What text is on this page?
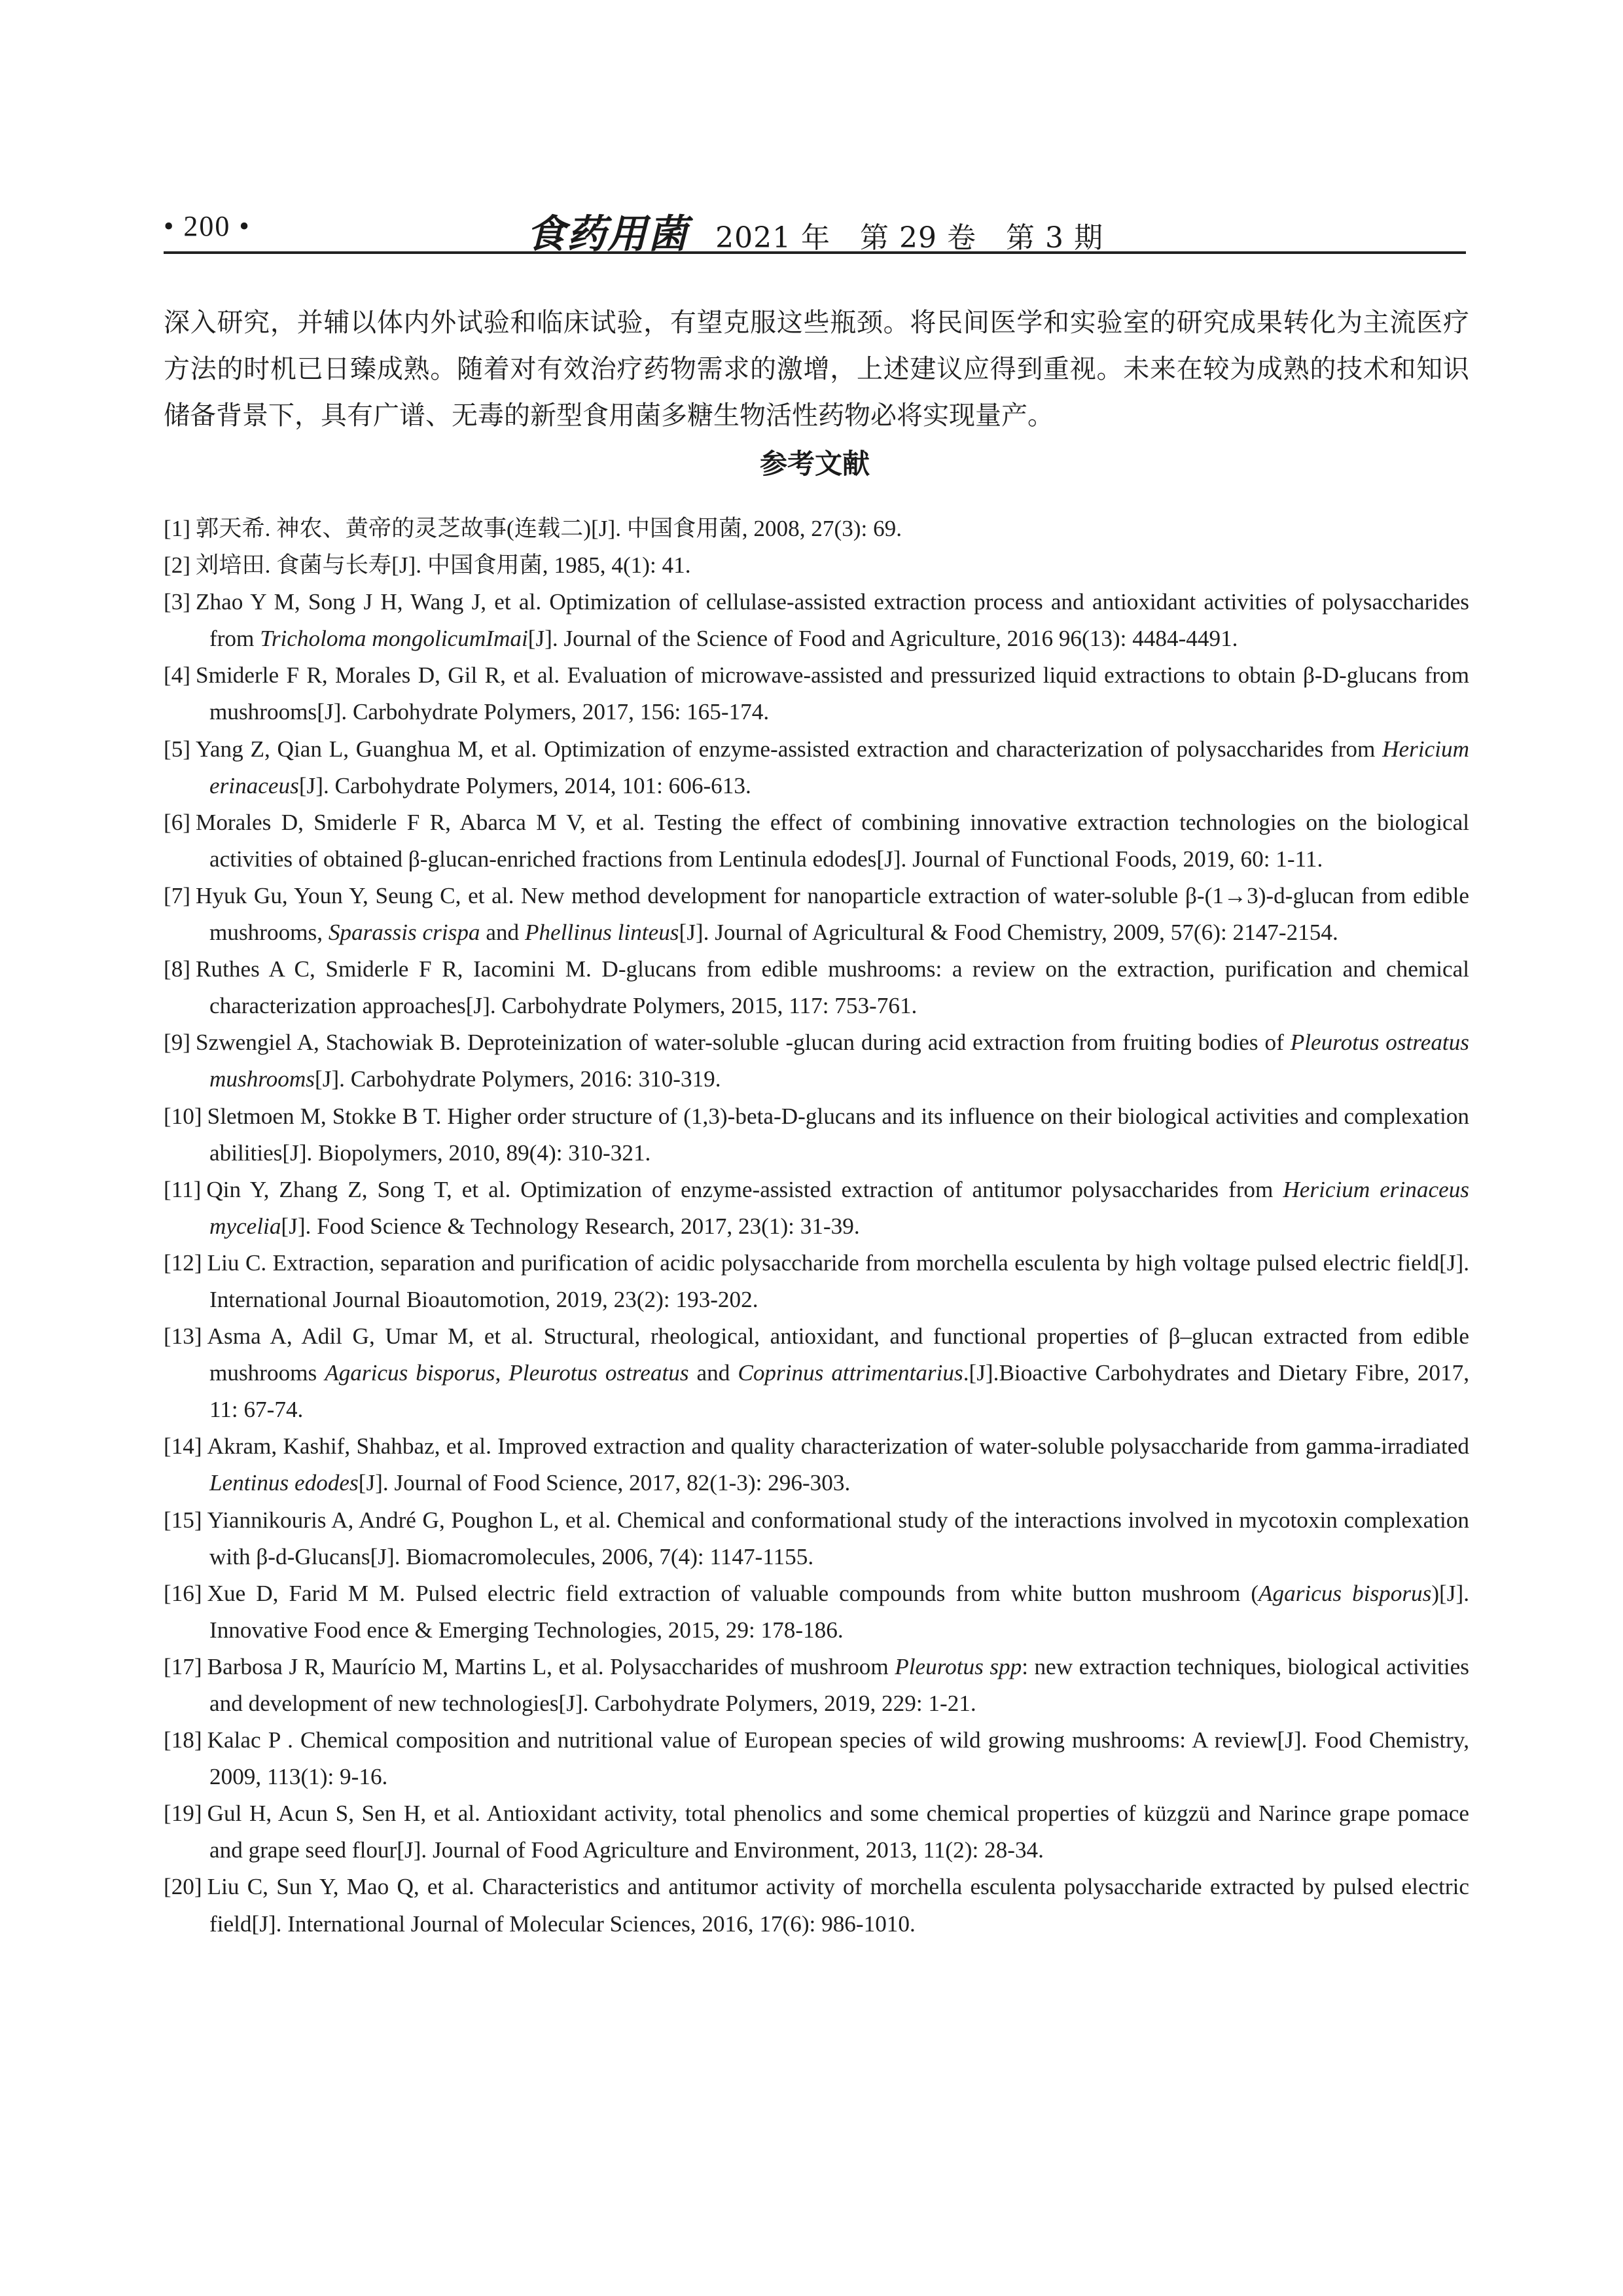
• 200 •	食药用菌 2021 年　第 29 卷　第 3 期

深入研究，并辅以体内外试验和临床试验，有望克服这些瓶颈。将民间医学和实验室的研究成果转化为主流医疗方法的时机已日臻成熟。随着对有效治疗药物需求的激增，上述建议应得到重视。未来在较为成熟的技术和知识储备背景下，具有广谱、无毒的新型食用菌多糖生物活性药物必将实现量产。

参考文献
[1] 郭天希. 神农、黄帝的灵芝故事(连载二)[J]. 中国食用菌, 2008, 27(3): 69.
[2] 刘培田. 食菌与长寿[J]. 中国食用菌, 1985, 4(1): 41.
[3] Zhao Y M, Song J H, Wang J, et al. Optimization of cellulase-assisted extraction process and antioxidant activities of polysaccharides from Tricholoma mongolicumImai[J]. Journal of the Science of Food and Agriculture, 2016 96(13): 4484-4491.
[4] Smiderle F R, Morales D, Gil R, et al. Evaluation of microwave-assisted and pressurized liquid extractions to obtain β-D-glucans from mushrooms[J]. Carbohydrate Polymers, 2017, 156: 165-174.
[5] Yang Z, Qian L, Guanghua M, et al. Optimization of enzyme-assisted extraction and characterization of polysaccharides from Hericium erinaceus[J]. Carbohydrate Polymers, 2014, 101: 606-613.
[6] Morales D, Smiderle F R, Abarca M V, et al. Testing the effect of combining innovative extraction technologies on the biological activities of obtained β-glucan-enriched fractions from Lentinula edodes[J]. Journal of Functional Foods, 2019, 60: 1-11.
[7] Hyuk Gu, Youn Y, Seung C, et al. New method development for nanoparticle extraction of water-soluble β-(1→3)-d-glucan from edible mushrooms, Sparassis crispa and Phellinus linteus[J]. Journal of Agricultural & Food Chemistry, 2009, 57(6): 2147-2154.
[8] Ruthes A C, Smiderle F R, Iacomini M. D-glucans from edible mushrooms: a review on the extraction, purification and chemical characterization approaches[J]. Carbohydrate Polymers, 2015, 117: 753-761.
[9] Szwengiel A, Stachowiak B. Deproteinization of water-soluble -glucan during acid extraction from fruiting bodies of Pleurotus ostreatus mushrooms[J]. Carbohydrate Polymers, 2016: 310-319.
[10] Sletmoen M, Stokke B T. Higher order structure of (1,3)-beta-D-glucans and its influence on their biological activities and complexation abilities[J]. Biopolymers, 2010, 89(4): 310-321.
[11] Qin Y, Zhang Z, Song T, et al. Optimization of enzyme-assisted extraction of antitumor polysaccharides from Hericium erinaceus mycelia[J]. Food Science & Technology Research, 2017, 23(1): 31-39.
[12] Liu C. Extraction, separation and purification of acidic polysaccharide from morchella esculenta by high voltage pulsed electric field[J]. International Journal Bioautomotion, 2019, 23(2): 193-202.
[13] Asma A, Adil G, Umar M, et al. Structural, rheological, antioxidant, and functional properties of β–glucan extracted from edible mushrooms Agaricus bisporus, Pleurotus ostreatus and Coprinus attrimentarius.[J].Bioactive Carbohydrates and Dietary Fibre, 2017, 11: 67-74.
[14] Akram, Kashif, Shahbaz, et al. Improved extraction and quality characterization of water-soluble polysaccharide from gamma-irradiated Lentinus edodes[J]. Journal of Food Science, 2017, 82(1-3): 296-303.
[15] Yiannikouris A, André G, Poughon L, et al. Chemical and conformational study of the interactions involved in mycotoxin complexation with β-d-Glucans[J]. Biomacromolecules, 2006, 7(4): 1147-1155.
[16] Xue D, Farid M M. Pulsed electric field extraction of valuable compounds from white button mushroom (Agaricus bisporus)[J]. Innovative Food ence & Emerging Technologies, 2015, 29: 178-186.
[17] Barbosa J R, Maurício M, Martins L, et al. Polysaccharides of mushroom Pleurotus spp: new extraction techniques, biological activities and development of new technologies[J]. Carbohydrate Polymers, 2019, 229: 1-21.
[18] Kalac P . Chemical composition and nutritional value of European species of wild growing mushrooms: A review[J]. Food Chemistry, 2009, 113(1): 9-16.
[19] Gul H, Acun S, Sen H, et al. Antioxidant activity, total phenolics and some chemical properties of küzgzü and Narince grape pomace and grape seed flour[J]. Journal of Food Agriculture and Environment, 2013, 11(2): 28-34.
[20] Liu C, Sun Y, Mao Q, et al. Characteristics and antitumor activity of morchella esculenta polysaccharide extracted by pulsed electric field[J]. International Journal of Molecular Sciences, 2016, 17(6): 986-1010.
